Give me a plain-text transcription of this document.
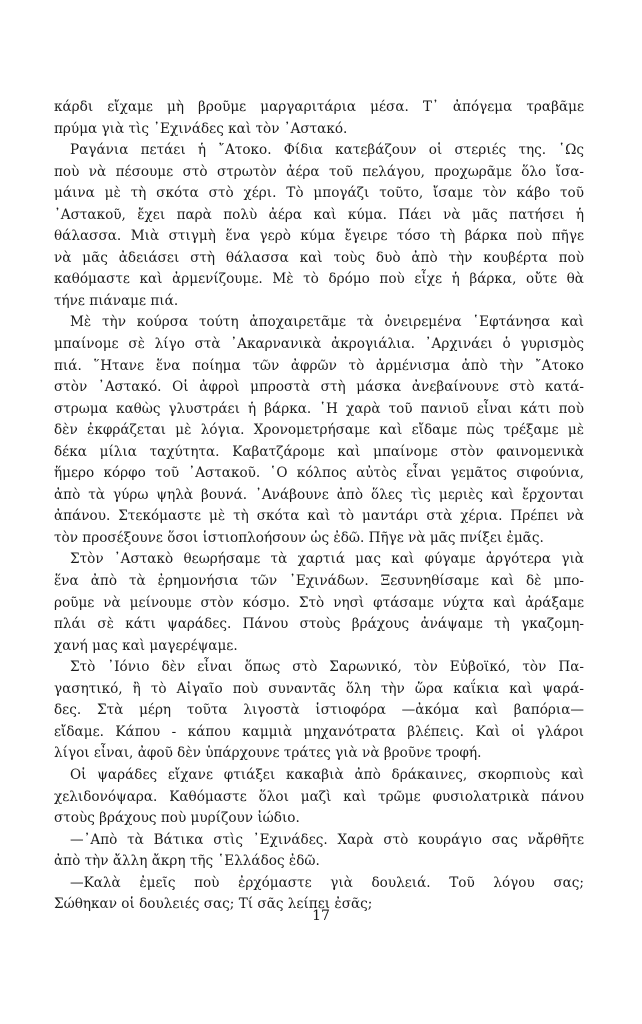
κάρδι εἴχαμε μὴ βροῦμε μαργαριτάρια μέσα. Τ᾽ ἀπόγεμα τραβᾶμε
πρύμα γιὰ τὶς ᾽Εχινάδες καὶ τὸν ᾽Αστακό.
Ραγάνια πετάει ἡ ῎Ατοκο. Φίδια κατεβάζουν οἱ στεριές της. ῾Ως
ποὺ νὰ πέσουμε στὸ στρωτὸν ἀέρα τοῦ πελάγου, προχωρᾶμε ὅλο ἴσα-
μάινα μὲ τὴ σκότα στὸ χέρι. Τὸ μπογάζι τοῦτο, ἴσαμε τὸν κάβο τοῦ
᾽Αστακοῦ, ἔχει παρὰ πολὺ ἀέρα καὶ κύμα. Πάει νὰ μᾶς πατήσει ἡ
θάλασσα. Μιὰ στιγμὴ ἕνα γερὸ κύμα ἔγειρε τόσο τὴ βάρκα ποὺ πῆγε
νὰ μᾶς ἀδειάσει στὴ θάλασσα καὶ τοὺς δυὸ ἀπὸ τὴν κουβέρτα ποὺ
καθόμαστε καὶ ἀρμενίζουμε. Μὲ τὸ δρόμο ποὺ εἶχε ἡ βάρκα, οὔτε θὰ
τήνε πιάναμε πιά.
Μὲ τὴν κούρσα τούτη ἀποχαιρετᾶμε τὰ ὀνειρεμένα ῾Εφτάνησα καὶ
μπαίνομε σὲ λίγο στὰ ᾽Ακαρνανικὰ ἀκρογιάλια. ᾽Αρχινάει ὁ γυρισμὸς
πιά. ῞Ητανε ἕνα ποίημα τῶν ἀφρῶν τὸ ἀρμένισμα ἀπὸ τὴν ῎Ατοκο
στὸν ᾽Αστακό. Οἱ ἀφροὶ μπροστὰ στὴ μάσκα ἀνεβαίνουνε στὸ κατά-
στρωμα καθὼς γλυστράει ἡ βάρκα. ῾Η χαρὰ τοῦ πανιοῦ εἶναι κάτι ποὺ
δὲν ἐκφράζεται μὲ λόγια. Χρονομετρήσαμε καὶ εἴδαμε πὼς τρέξαμε μὲ
δέκα μίλια ταχύτητα. Καβατζάρομε καὶ μπαίνομε στὸν φαινομενικὰ
ἥμερο κόρφο τοῦ ᾽Αστακοῦ. ῾Ο κόλπος αὐτὸς εἶναι γεμᾶτος σιφούνια,
ἀπὸ τὰ γύρω ψηλὰ βουνά. ᾽Ανάβουνε ἀπὸ ὅλες τὶς μεριὲς καὶ ἔρχονται
ἀπάνου. Στεκόμαστε μὲ τὴ σκότα καὶ τὸ μαντάρι στὰ χέρια. Πρέπει νὰ
τὸν προσέξουνε ὅσοι ἱστιοπλοήσουν ὡς ἐδῶ. Πῆγε νὰ μᾶς πνίξει ἐμᾶς.
Στὸν ᾽Αστακὸ θεωρήσαμε τὰ χαρτιά μας καὶ φύγαμε ἀργότερα γιὰ
ἕνα ἀπὸ τὰ ἐρημονήσια τῶν ᾽Εχινάδων. Ξεσυνηθίσαμε καὶ δὲ μπο-
ροῦμε νὰ μείνουμε στὸν κόσμο. Στὸ νησὶ φτάσαμε νύχτα καὶ ἀράξαμε
πλάι σὲ κάτι ψαράδες. Πάνου στοὺς βράχους ἀνάψαμε τὴ γκαζομη-
χανή μας καὶ μαγερέψαμε.
Στὸ ᾽Ιόνιο δὲν εἶναι ὅπως στὸ Σαρωνικό, τὸν Εὐβοϊκό, τὸν Πα-
γασητικό, ἢ τὸ Αἰγαῖο ποὺ συναντᾶς ὅλη τὴν ὥρα καΐκια καὶ ψαρά-
δες. Στὰ μέρη τοῦτα λιγοστὰ ἱστιοφόρα —ἀκόμα καὶ βαπόρια—
εἴδαμε. Κάπου - κάπου καμμιὰ μηχανότρατα βλέπεις. Καὶ οἱ γλάροι
λίγοι εἶναι, ἀφοῦ δὲν ὑπάρχουνε τράτες γιὰ νὰ βροῦνε τροφή.
Οἱ ψαράδες εἴχανε φτιάξει κακαβιὰ ἀπὸ δράκαινες, σκορπιοὺς καὶ
χελιδονόψαρα. Καθόμαστε ὅλοι μαζὶ καὶ τρῶμε φυσιολατρικὰ πάνου
στοὺς βράχους ποὺ μυρίζουν ἰώδιο.
—᾽Απὸ τὰ Βάτικα στὶς ᾽Εχινάδες. Χαρὰ στὸ κουράγιο σας νἄρθῆτε
ἀπὸ τὴν ἄλλη ἄκρη τῆς ῾Ελλάδος ἐδῶ.
—Καλὰ ἐμεῖς ποὺ ἐρχόμαστε γιὰ δουλειά. Τοῦ λόγου σας;
Σώθηκαν οἱ δουλειές σας; Τί σᾶς λείπει ἐσᾶς;
17
